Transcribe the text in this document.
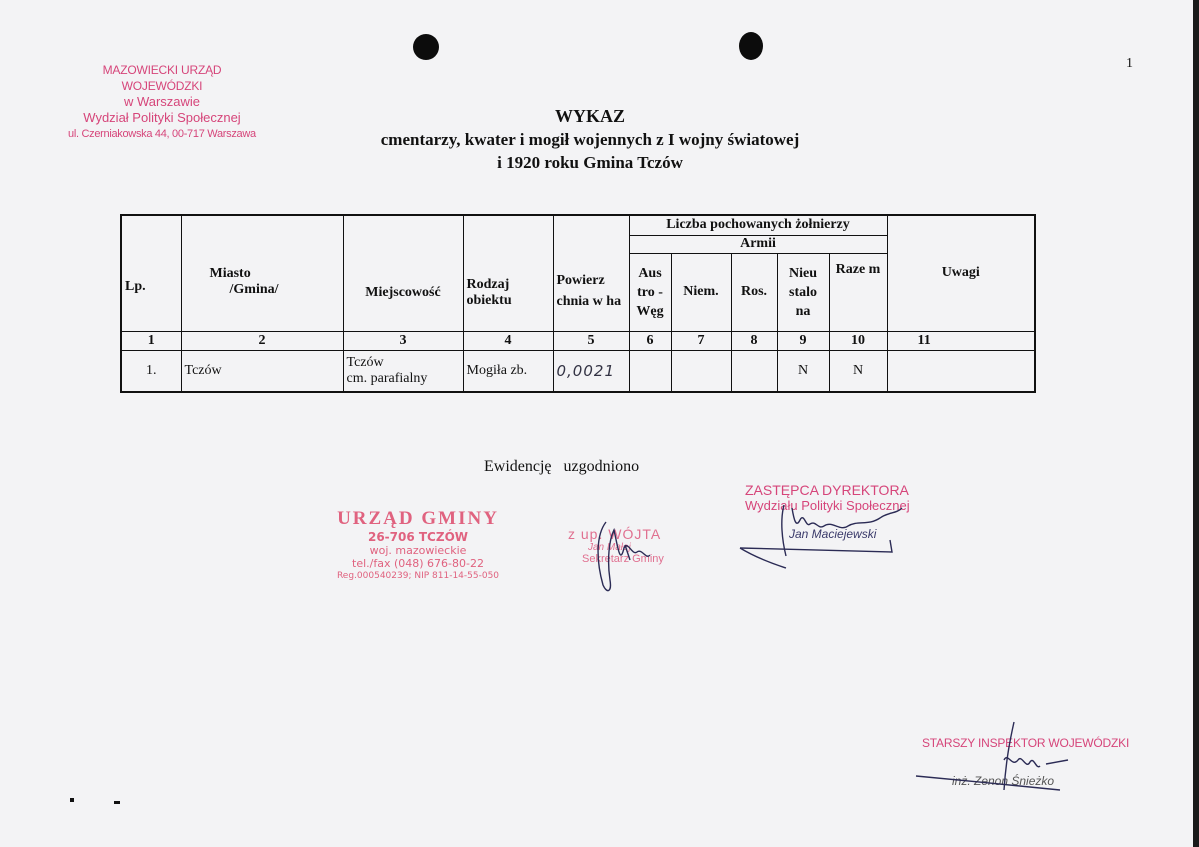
1
MAZOWIECKI URZĄD WOJEWÓDZKI
w Warszawie
Wydział Polityki Społecznej
ul. Czerniakowska 44, 00-717 Warszawa
WYKAZ
cmentarzy, kwater i mogił wojennych z I wojny światowej
i 1920 roku Gmina Tczów
Lp.	Miasto
/Gmina/	Miejscowość	Rodzaj obiektu	Powierz chnia w ha	Liczba pochowanych żołnierzy					Uwagi
					Armii					
					Aus tro - Węg	Niem.	Ros.	Nieu stalo na	Raze m	
1	2	3	4	5	6	7	8	9	10	11
1.	Tczów	Tczów
cm. parafialny	Mogiła zb.	0,0021				N	N	
Ewidencję uzgodniono
URZĄD GMINY
26-706 TCZÓW
woj. mazowieckie
tel./fax (048) 676-80-22
Reg.000540239; NIP 811-14-55-050
z up. WÓJTA
Jan Małej
Sekretarz Gminy
ZASTĘPCA DYREKTORA
Wydziału Polityki Społecznej
Jan Maciejewski
STARSZY INSPEKTOR WOJEWÓDZKI
inż. Zenon Śnieżko
